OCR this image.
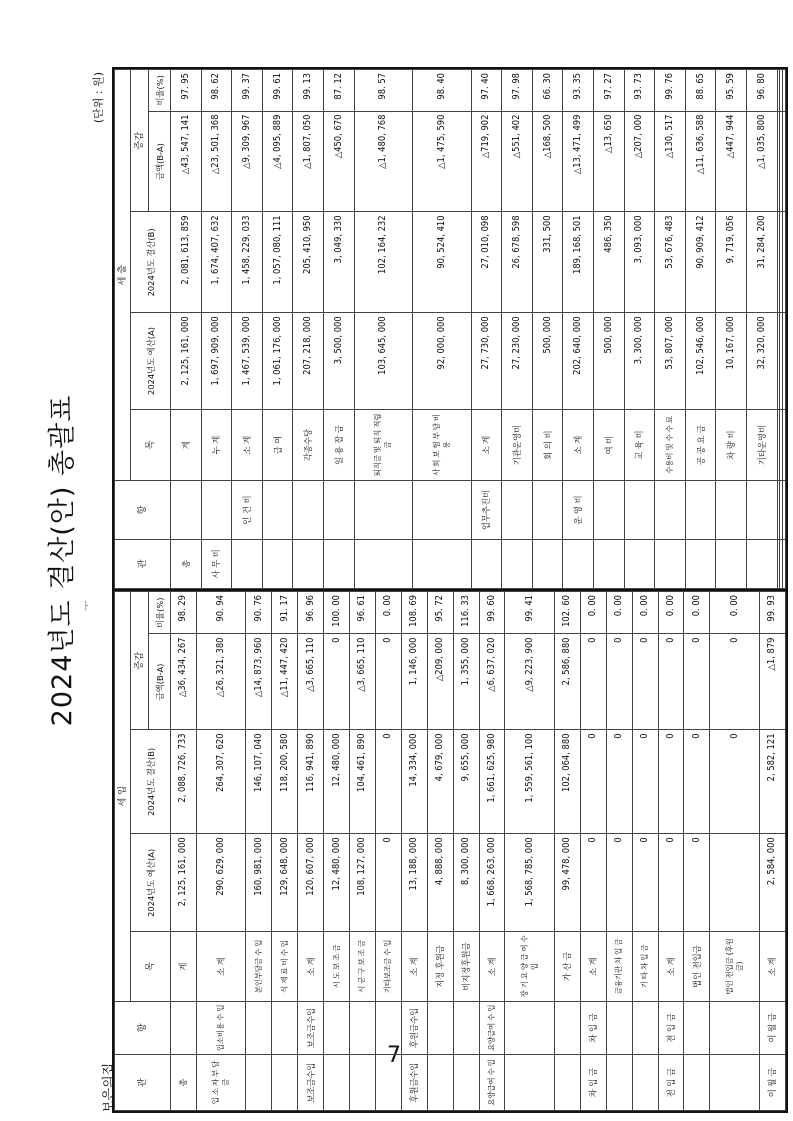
7
2024년도 결산(안) 총괄표 ᅮ
(단위 : 원)
보은의집 관	항	세 입				
		목	2024년도 예산(A)	2024년도 결산(B)	증감	
					금액(B-A)	비율(%)
총		계	2, 125, 161, 000	2, 088, 726, 733	△36, 434, 267	98. 29
입 소 자 부 담 금	입소비용 수 입	소 계	290, 629, 000	264, 307, 620	△26, 321, 380	90. 94
		본인부담금 수 입	160, 981, 000	146, 107, 040	△14, 873, 960	90. 76
		식 재 료 비 수 입	129, 648, 000	118, 200, 580	△11, 447, 420	91. 17
보조금수입	보조금수입	소 계	120, 607, 000	116, 941, 890	△3, 665, 110	96. 96
		시 도 보 조 금	12, 480, 000	12, 480, 000	0	100. 00
		시 군 구 보 조 금	108, 127, 000	104, 461, 890	△3, 665, 110	96. 61
		기타보조금 수 입	0	0	0	0. 00
후원금수입	후원금수입	소 계	13, 188, 000	14, 334, 000	1, 146, 000	108. 69
		지정 후원금	4, 888, 000	4, 679, 000	△209, 000	95. 72
		비지정후원금	8, 300, 000	9, 655, 000	1, 355, 000	116. 33
요양급여 수 입	요양급여 수 입	소 계	1, 668, 263, 000	1, 661, 625, 980	△6, 637, 020	99. 60
		장 기 요 양 급 여 수 입	1, 568, 785, 000	1, 559, 561, 100	△9, 223, 900	99. 41
		가 산 금	99, 478, 000	102, 064, 880	2, 586, 880	102. 60
차 입 금	차 입 금	소 계	0	0	0	0. 00
		금융기관 차 입 금	0	0	0	0. 00
		기 타 차 입 금	0	0	0	0. 00
전 입 금	전 입 금	소 계	0	0	0	0. 00
		법인 전입금	0	0	0	0. 00
		법인 전입금 (후원금)		0	0	0. 00
이 월 금	이 월 금	소 계	2, 584, 000	2, 582, 121	△1, 879	99. 93
관	항	세 출				
		목	2024년도 예산(A)	2024년도 결산(B)	증감	
					금액(B-A)	비율(%)
총		계	2, 125, 161, 000	2, 081, 613, 859	△43, 547, 141	97. 95
사 무 비		누 계	1, 697, 909, 000	1, 674, 407, 632	△23, 501, 368	98. 62
	인 건 비	소 계	1, 467, 539, 000	1, 458, 229, 033	△9, 309, 967	99. 37
		급 여	1, 061, 176, 000	1, 057, 080, 111	△4, 095, 889	99. 61
		각종수당	207, 218, 000	205, 410, 950	△1, 807, 050	99. 13
		일 용 잡 금	3, 500, 000	3, 049, 330	△450, 670	87. 12
		퇴직금 및 퇴직 적립금	103, 645, 000	102, 164, 232	△1, 480, 768	98. 57
		사 회 보 험 부 담 비 용	92, 000, 000	90, 524, 410	△1, 475, 590	98. 40
	업무추진비	소 계	27, 730, 000	27, 010, 098	△719, 902	97. 40
		기관운영비	27, 230, 000	26, 678, 598	△551, 402	97. 98
		회 의 비	500, 000	331, 500	△168, 500	66. 30
	운 영 비	소 계	202, 640, 000	189, 168, 501	△13, 471, 499	93. 35
		여 비	500, 000	486, 350	△13, 650	97. 27
		교 육 비	3, 300, 000	3, 093, 000	△207, 000	93. 73
		수용비 및 수 수 료	53, 807, 000	53, 676, 483	△130, 517	99. 76
		공 공 요 금	102, 546, 000	90, 909, 412	△11, 636, 588	88. 65
		차 량 비	10, 167, 000	9, 719, 056	△447, 944	95. 59
		기타운영비	32, 320, 000	31, 284, 200	△1, 035, 800	96. 80
